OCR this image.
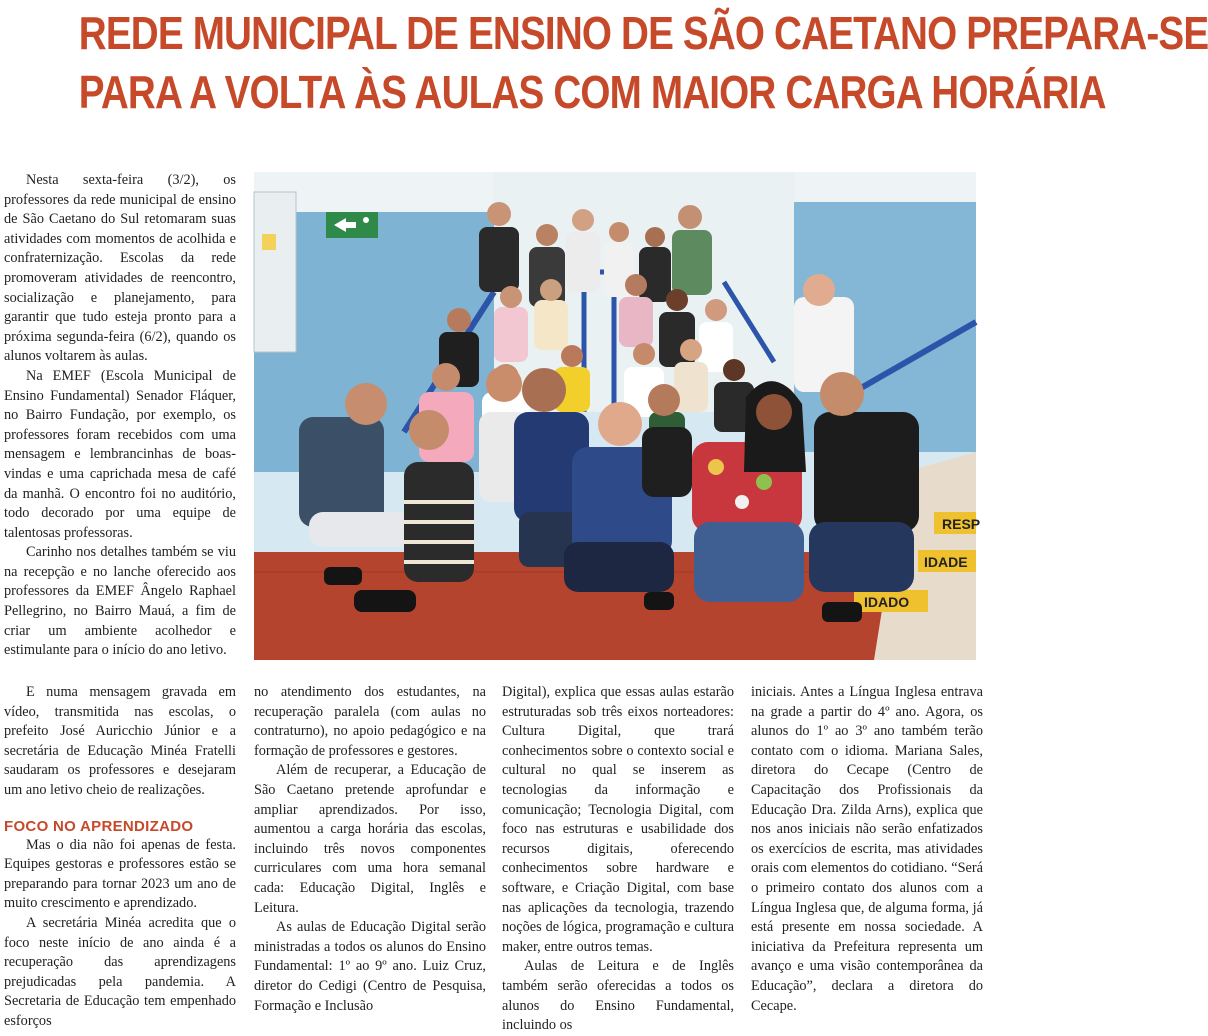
REDE MUNICIPAL DE ENSINO DE SÃO CAETANO PREPARA-SE
PARA A VOLTA ÀS AULAS COM MAIOR CARGA HORÁRIA

Nesta sexta-feira (3/2), os professores da rede municipal de ensino de São Caetano do Sul retomaram suas atividades com momentos de acolhida e confraternização. Escolas da rede promoveram atividades de reencontro, socialização e planejamento, para garantir que tudo esteja pronto para a próxima segunda-feira (6/2), quando os alunos voltarem às aulas.

Na EMEF (Escola Municipal de Ensino Fundamental) Senador Fláquer, no Bairro Fundação, por exemplo, os professores foram recebidos com uma mensagem e lembrancinhas de boas-vindas e uma caprichada mesa de café da manhã. O encontro foi no auditório, todo decorado por uma equipe de talentosas professoras.

Carinho nos detalhes também se viu na recepção e no lanche oferecido aos professores da EMEF Ângelo Raphael Pellegrino, no Bairro Mauá, a fim de criar um ambiente acolhedor e estimulante para o início do ano letivo.

E numa mensagem gravada em vídeo, transmitida nas escolas, o prefeito José Auricchio Júnior e a secretária de Educação Minéa Fratelli saudaram os professores e desejaram um ano letivo cheio de realizações.

FOCO NO APRENDIZADO

Mas o dia não foi apenas de festa. Equipes gestoras e professores estão se preparando para tornar 2023 um ano de muito crescimento e aprendizado.

A secretária Minéa acredita que o foco neste início de ano ainda é a recuperação das aprendizagens prejudicadas pela pandemia. A Secretaria de Educação tem empenhado esforços

no atendimento dos estudantes, na recuperação paralela (com aulas no contraturno), no apoio pedagógico e na formação de professores e gestores.

Além de recuperar, a Educação de São Caetano pretende aprofundar e ampliar aprendizados. Por isso, aumentou a carga horária das escolas, incluindo três novos componentes curriculares com uma hora semanal cada: Educação Digital, Inglês e Leitura.

As aulas de Educação Digital serão ministradas a todos os alunos do Ensino Fundamental: 1º ao 9º ano. Luiz Cruz, diretor do Cedigi (Centro de Pesquisa, Formação e Inclusão

Digital), explica que essas aulas estarão estruturadas sob três eixos norteadores: Cultura Digital, que trará conhecimentos sobre o contexto social e cultural no qual se inserem as tecnologias da informação e comunicação; Tecnologia Digital, com foco nas estruturas e usabilidade dos recursos digitais, oferecendo conhecimentos sobre hardware e software, e Criação Digital, com base nas aplicações da tecnologia, trazendo noções de lógica, programação e cultura maker, entre outros temas.

Aulas de Leitura e de Inglês também serão oferecidas a todos os alunos do Ensino Fundamental, incluindo os

iniciais. Antes a Língua Inglesa entrava na grade a partir do 4º ano. Agora, os alunos do 1º ao 3º ano também terão contato com o idioma. Mariana Sales, diretora do Cecape (Centro de Capacitação dos Profissionais da Educação Dra. Zilda Arns), explica que nos anos iniciais não serão enfatizados os exercícios de escrita, mas atividades orais com elementos do cotidiano. “Será o primeiro contato dos alunos com a Língua Inglesa que, de alguma forma, já está presente em nossa sociedade. A iniciativa da Prefeitura representa um avanço e uma visão contemporânea da Educação”, declara a diretora do Cecape.

RESP
IDADE
IDADO
